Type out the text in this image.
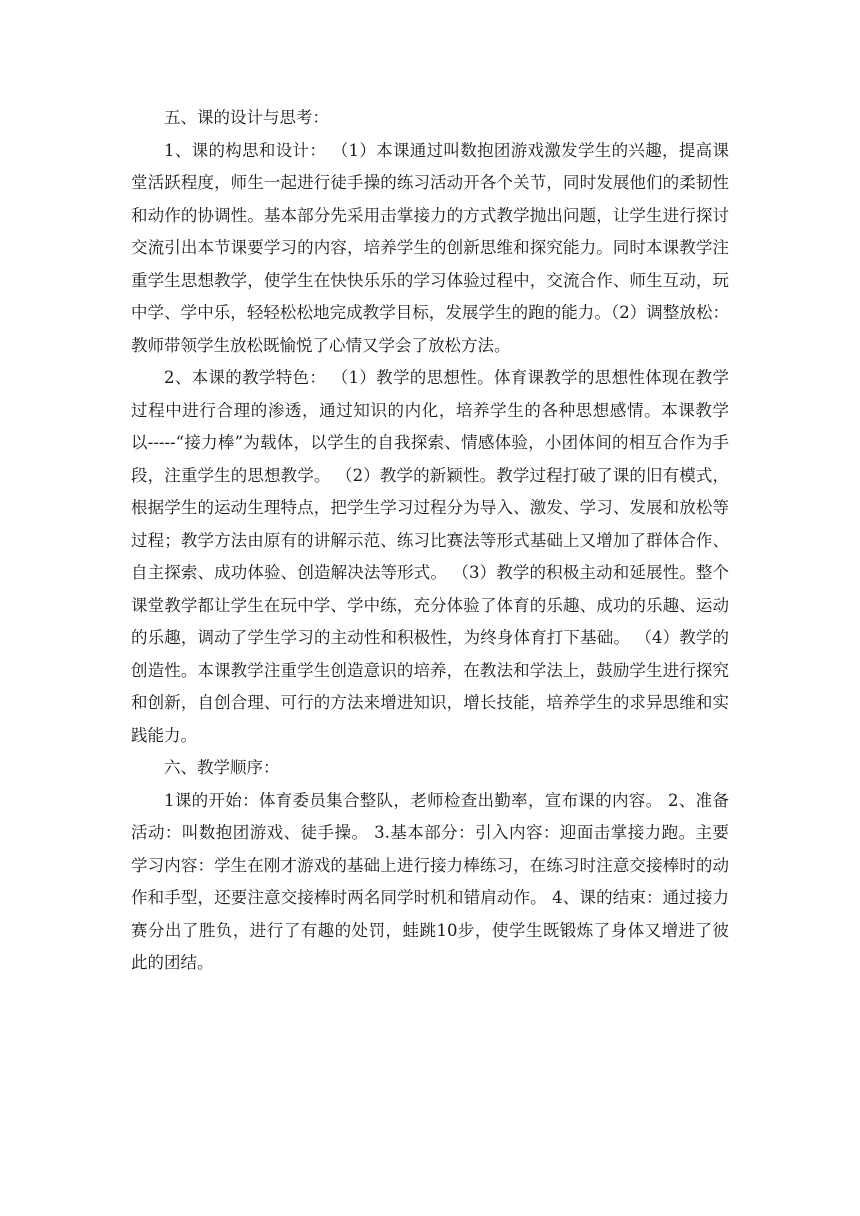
五、课的设计与思考：

1、课的构思和设计： （1）本课通过叫数抱团游戏激发学生的兴趣，提高课堂活跃程度，师生一起进行徒手操的练习活动开各个关节，同时发展他们的柔韧性和动作的协调性。基本部分先采用击掌接力的方式教学抛出问题，让学生进行探讨交流引出本节课要学习的内容，培养学生的创新思维和探究能力。同时本课教学注重学生思想教学，使学生在快快乐乐的学习体验过程中，交流合作、师生互动，玩中学、学中乐，轻轻松松地完成教学目标，发展学生的跑的能力。（2）调整放松：教师带领学生放松既愉悦了心情又学会了放松方法。

2、本课的教学特色： （1）教学的思想性。体育课教学的思想性体现在教学过程中进行合理的渗透，通过知识的内化，培养学生的各种思想感情。本课教学以-----“接力棒”为载体，以学生的自我探索、情感体验，小团体间的相互合作为手段，注重学生的思想教学。 （2）教学的新颖性。教学过程打破了课的旧有模式，根据学生的运动生理特点，把学生学习过程分为导入、激发、学习、发展和放松等过程；教学方法由原有的讲解示范、练习比赛法等形式基础上又增加了群体合作、自主探索、成功体验、创造解决法等形式。 （3）教学的积极主动和延展性。整个课堂教学都让学生在玩中学、学中练，充分体验了体育的乐趣、成功的乐趣、运动的乐趣，调动了学生学习的主动性和积极性，为终身体育打下基础。 （4）教学的创造性。本课教学注重学生创造意识的培养，在教法和学法上，鼓励学生进行探究和创新，自创合理、可行的方法来增进知识，增长技能，培养学生的求异思维和实践能力。

六、教学顺序：

1课的开始：体育委员集合整队，老师检查出勤率，宣布课的内容。 2、准备活动：叫数抱团游戏、徒手操。 3.基本部分：引入内容：迎面击掌接力跑。主要学习内容：学生在刚才游戏的基础上进行接力棒练习，在练习时注意交接棒时的动作和手型，还要注意交接棒时两名同学时机和错肩动作。 4、课的结束：通过接力赛分出了胜负，进行了有趣的处罚，蛙跳10步，使学生既锻炼了身体又增进了彼此的团结。
